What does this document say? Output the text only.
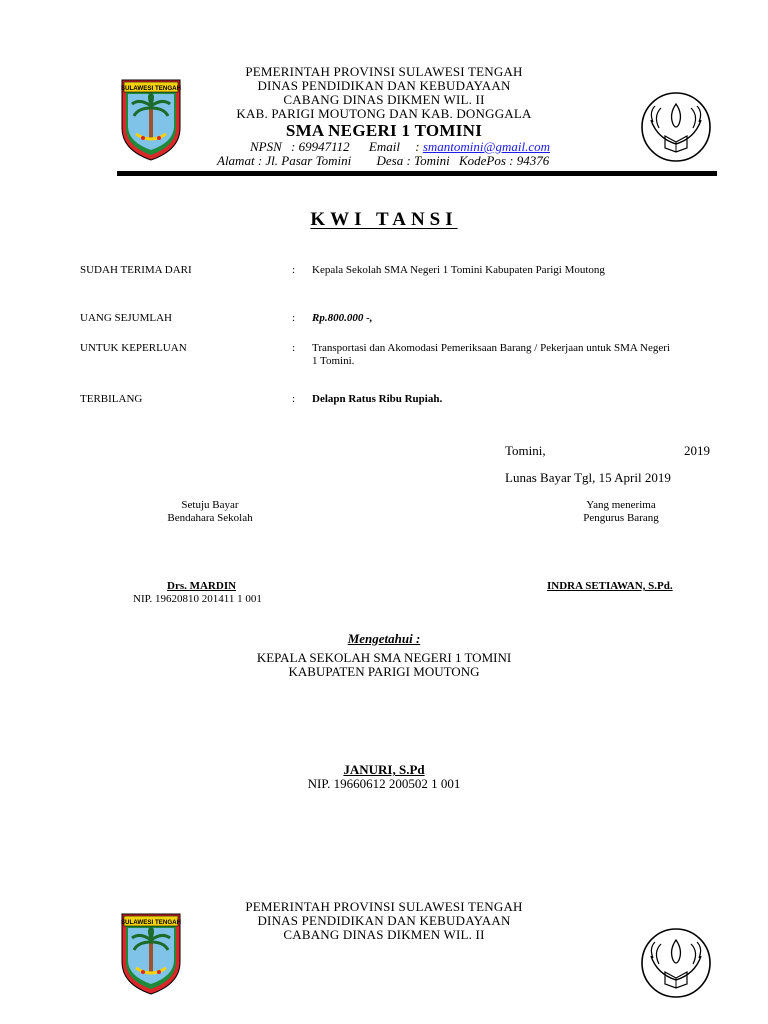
SULAWESI TENGAH
PEMERINTAH PROVINSI SULAWESI TENGAH
DINAS PENDIDIKAN DAN KEBUDAYAAN
CABANG DINAS DIKMEN WIL. II
KAB. PARIGI MOUTONG DAN KAB. DONGGALA
SMA NEGERI 1 TOMINI
NPSN : 69947112 Email : smantomini@gmail.com
Alamat : Jl. Pasar Tomini Desa : Tomini KodePos : 94376
KWI TANSI
SUDAH TERIMA DARI	: Kepala Sekolah SMA Negeri 1 Tomini Kabupaten Parigi Moutong
UANG SEJUMLAH	: Rp.800.000 -,
UNTUK KEPERLUAN	: Transportasi dan Akomodasi Pemeriksaan Barang / Pekerjaan untuk SMA Negeri
1 Tomini.
TERBILANG	: Delapn Ratus Ribu Rupiah.
Tomini,	2019
Lunas Bayar Tgl, 15 April 2019
Setuju Bayar
Bendahara Sekolah
Yang menerima
Pengurus Barang
Drs. MARDIN
NIP. 19620810 201411 1 001
INDRA SETIAWAN, S.Pd.
Mengetahui :
KEPALA SEKOLAH SMA NEGERI 1 TOMINI
KABUPATEN PARIGI MOUTONG
JANURI, S.Pd
NIP. 19660612 200502 1 001
SULAWESI TENGAH
PEMERINTAH PROVINSI SULAWESI TENGAH
DINAS PENDIDIKAN DAN KEBUDAYAAN
CABANG DINAS DIKMEN WIL. II
